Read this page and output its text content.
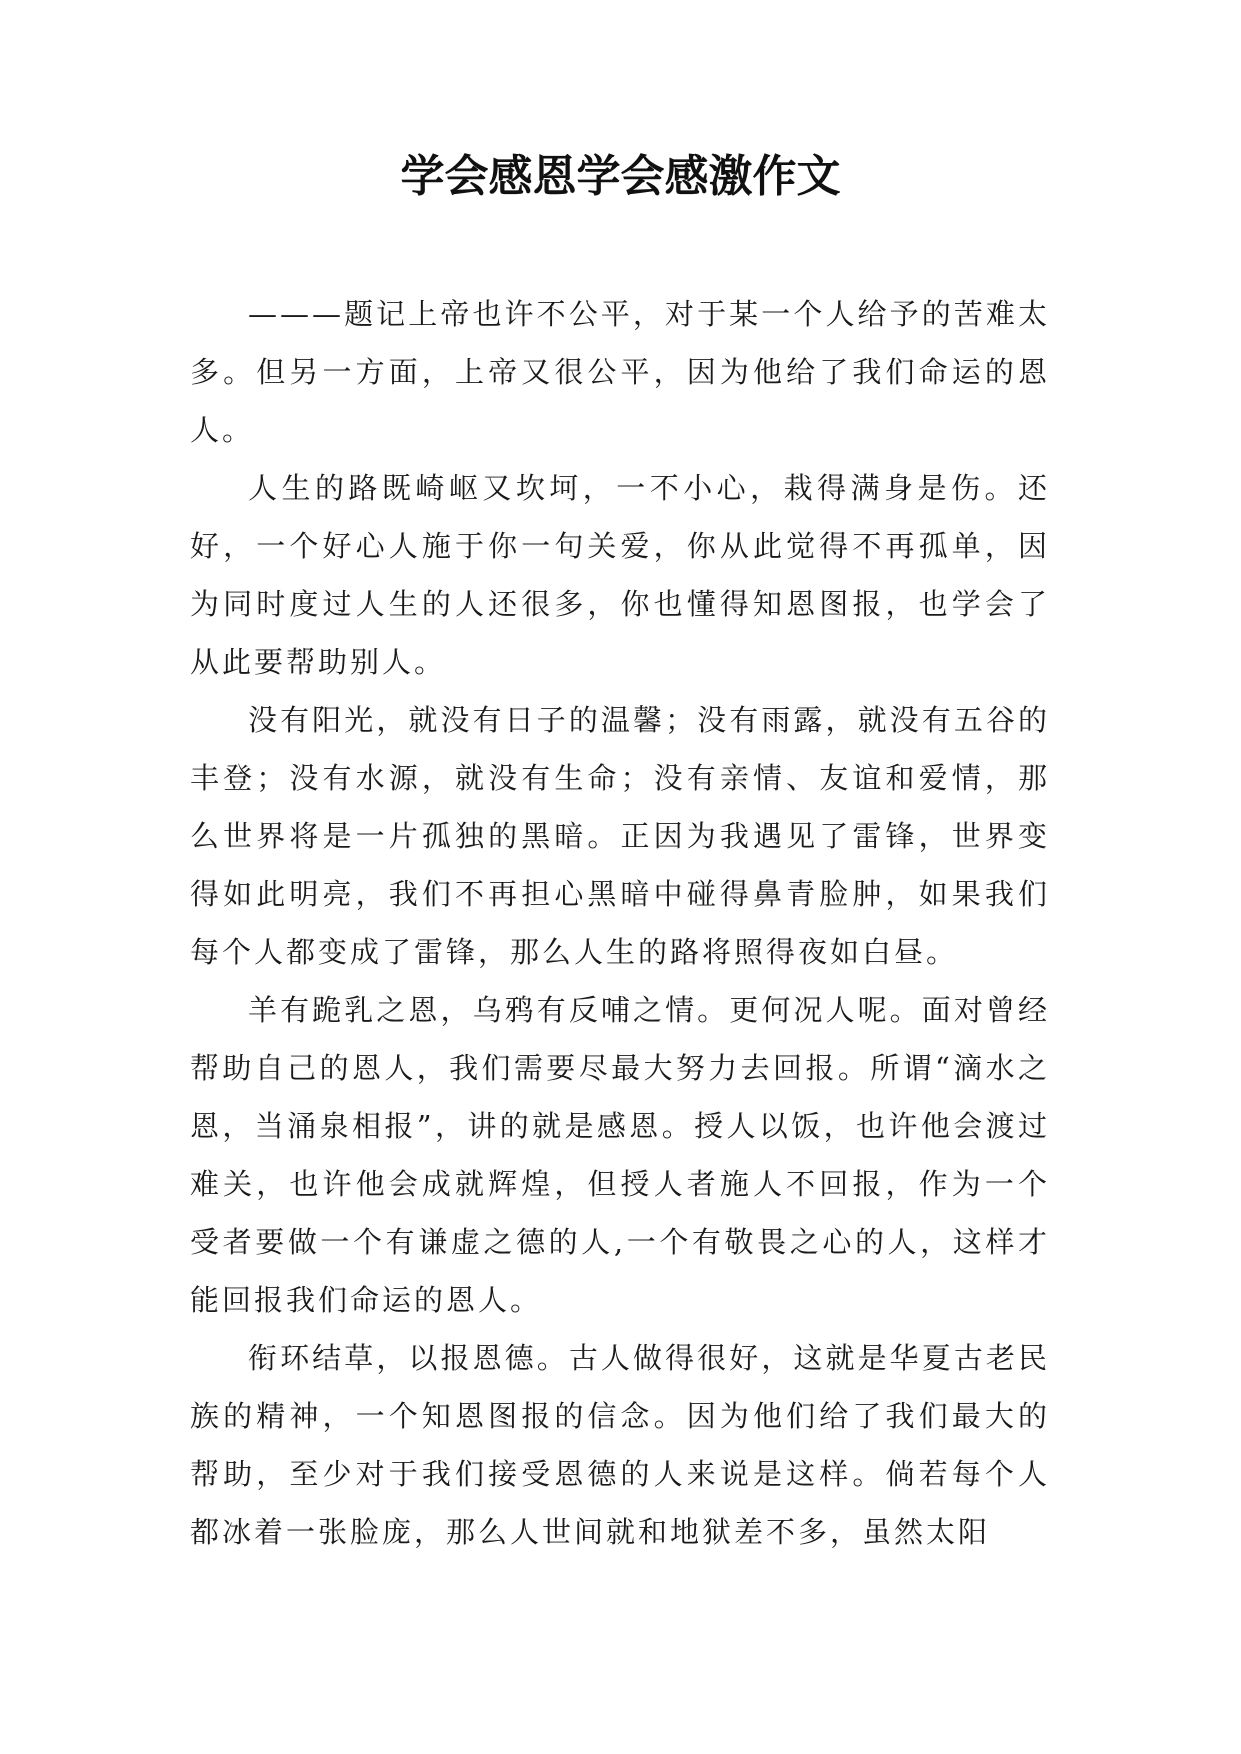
学会感恩学会感激作文

———题记上帝也许不公平，对于某一个人给予的苦难太多。但另一方面，上帝又很公平，因为他给了我们命运的恩人。

人生的路既崎岖又坎坷，一不小心，栽得满身是伤。还好，一个好心人施于你一句关爱，你从此觉得不再孤单，因为同时度过人生的人还很多，你也懂得知恩图报，也学会了从此要帮助别人。

没有阳光，就没有日子的温馨；没有雨露，就没有五谷的丰登；没有水源，就没有生命；没有亲情、友谊和爱情，那么世界将是一片孤独的黑暗。正因为我遇见了雷锋，世界变得如此明亮，我们不再担心黑暗中碰得鼻青脸肿，如果我们每个人都变成了雷锋，那么人生的路将照得夜如白昼。

羊有跪乳之恩，乌鸦有反哺之情。更何况人呢。面对曾经帮助自己的恩人，我们需要尽最大努力去回报。所谓“滴水之恩，当涌泉相报”，讲的就是感恩。授人以饭，也许他会渡过难关，也许他会成就辉煌，但授人者施人不回报，作为一个受者要做一个有谦虚之德的人,一个有敬畏之心的人，这样才能回报我们命运的恩人。

衔环结草，以报恩德。古人做得很好，这就是华夏古老民族的精神，一个知恩图报的信念。因为他们给了我们最大的帮助，至少对于我们接受恩德的人来说是这样。倘若每个人都冰着一张脸庞，那么人世间就和地狱差不多，虽然太阳
